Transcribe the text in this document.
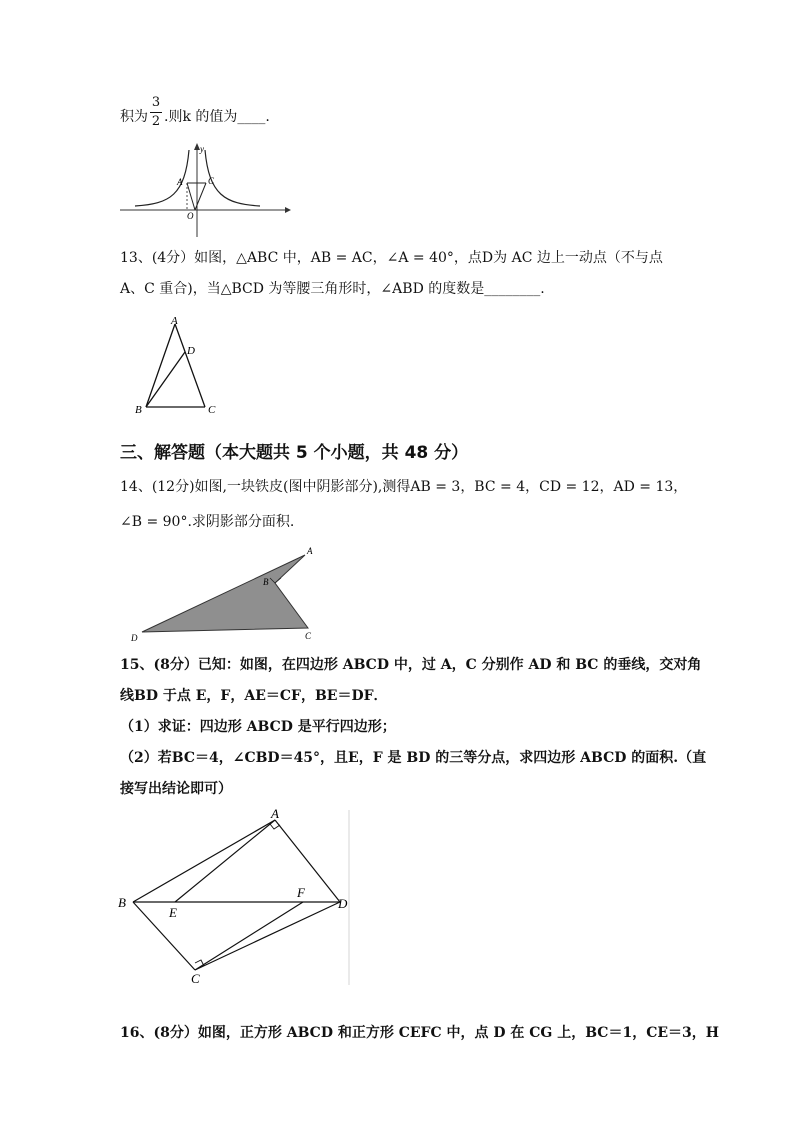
积为 .则k 的值为____.
3
2
y
A	C
O
13、(4分）如图，△ABC 中，AB = AC，∠A = 40°，点D为 AC 边上一动点（不与点
A、C 重合)，当△BCD 为等腰三角形时，∠ABD 的度数是________.
A
D
B	C
三、解答题（本大题共 5 个小题，共 48 分）
14、(12分)如图,一块铁皮(图中阴影部分),测得AB = 3，BC = 4，CD = 12，AD = 13，
∠B = 90°.求阴影部分面积.
A
B
D	C
15、(8分）已知：如图，在四边形 ABCD 中，过 A，C 分别作 AD 和 BC 的垂线，交对角
线BD 于点 E，F，AE＝CF，BE＝DF．
（1）求证：四边形 ABCD 是平行四边形；
（2）若BC＝4，∠CBD＝45°，且E，F 是 BD 的三等分点，求四边形 ABCD 的面积.（直
接写出结论即可）
A
B
E
F
D
C
16、(8分）如图，正方形 ABCD 和正方形 CEFC 中，点 D 在 CG 上，BC＝1，CE＝3，H
